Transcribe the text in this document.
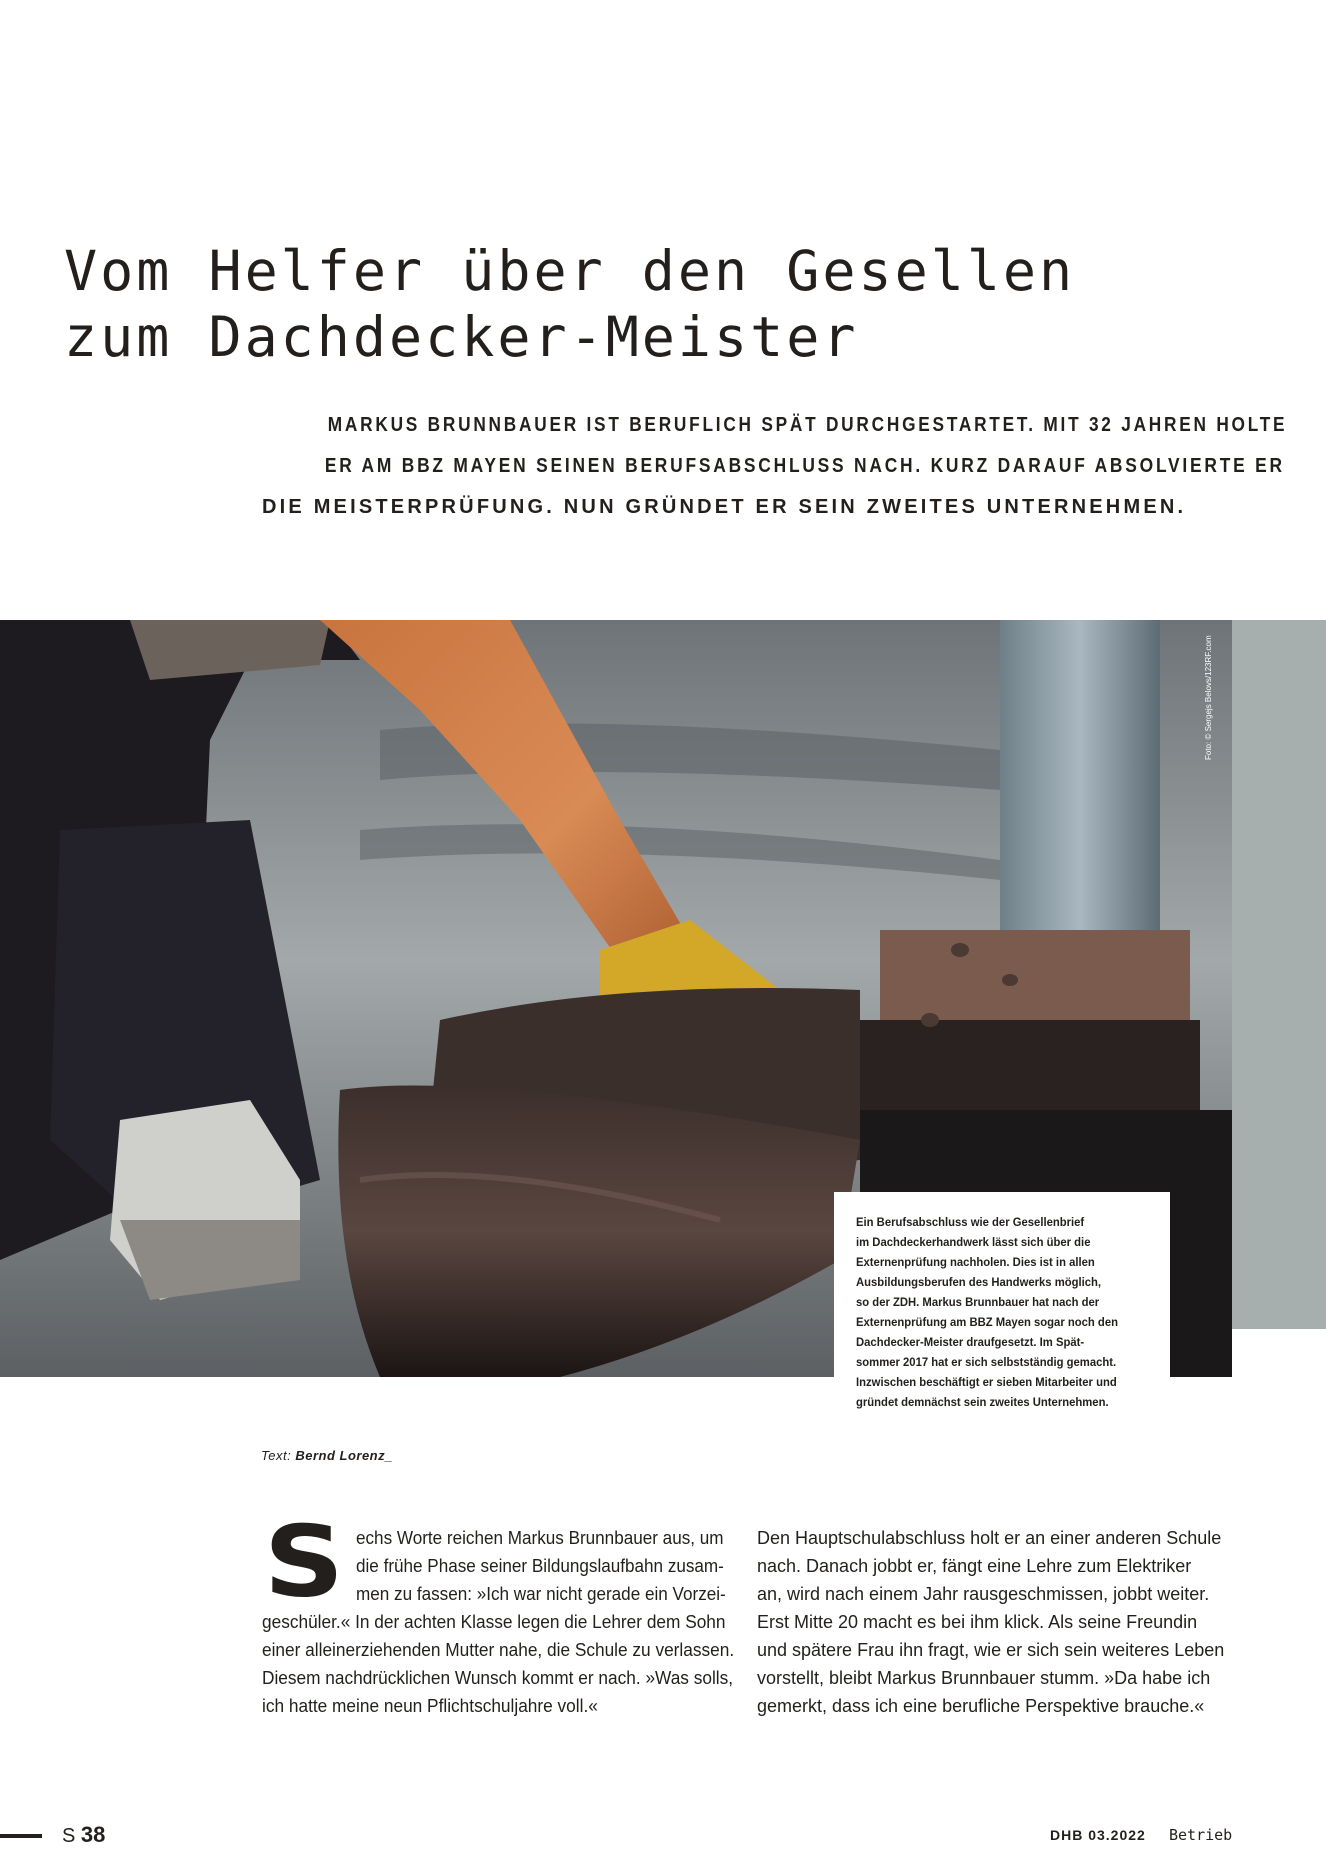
Vom Helfer über den Gesellen
zum Dachdecker-Meister
MARKUS BRUNNBAUER IST BERUFLICH SPÄT DURCHGESTARTET. MIT 32 JAHREN HOLTE
ER AM BBZ MAYEN SEINEN BERUFSABSCHLUSS NACH. KURZ DARAUF ABSOLVIERTE ER
DIE MEISTERPRÜFUNG. NUN GRÜNDET ER SEIN ZWEITES UNTERNEHMEN.
Foto: © Sergejs Belovs/123RF.com
Ein Berufsabschluss wie der Gesellenbrief
im Dachdeckerhandwerk lässt sich über die
Externenprüfung nachholen. Dies ist in allen
Ausbildungsberufen des Handwerks möglich,
so der ZDH. Markus Brunnbauer hat nach der
Externenprüfung am BBZ Mayen sogar noch den
Dachdecker-Meister draufgesetzt. Im Spät-
sommer 2017 hat er sich selbstständig gemacht.
Inzwischen beschäftigt er sieben Mitarbeiter und
gründet demnächst sein zweites Unternehmen.
Text: Bernd Lorenz_
S echs Worte reichen Markus Brunnbauer aus, um
die frühe Phase seiner Bildungslaufbahn zusam-
men zu fassen: »Ich war nicht gerade ein Vorzei-
geschüler.« In der achten Klasse legen die Lehrer dem Sohn
einer alleinerziehenden Mutter nahe, die Schule zu verlassen.
Diesem nachdrücklichen Wunsch kommt er nach. »Was solls,
ich hatte meine neun Pflichtschuljahre voll.«
Den Hauptschulabschluss holt er an einer anderen Schule
nach. Danach jobbt er, fängt eine Lehre zum Elektriker
an, wird nach einem Jahr rausgeschmissen, jobbt weiter.
Erst Mitte 20 macht es bei ihm klick. Als seine Freundin
und spätere Frau ihn fragt, wie er sich sein weiteres Leben
vorstellt, bleibt Markus Brunnbauer stumm. »Da habe ich
gemerkt, dass ich eine berufliche Perspektive brauche.«
S 38	DHB 03.2022 Betrieb
